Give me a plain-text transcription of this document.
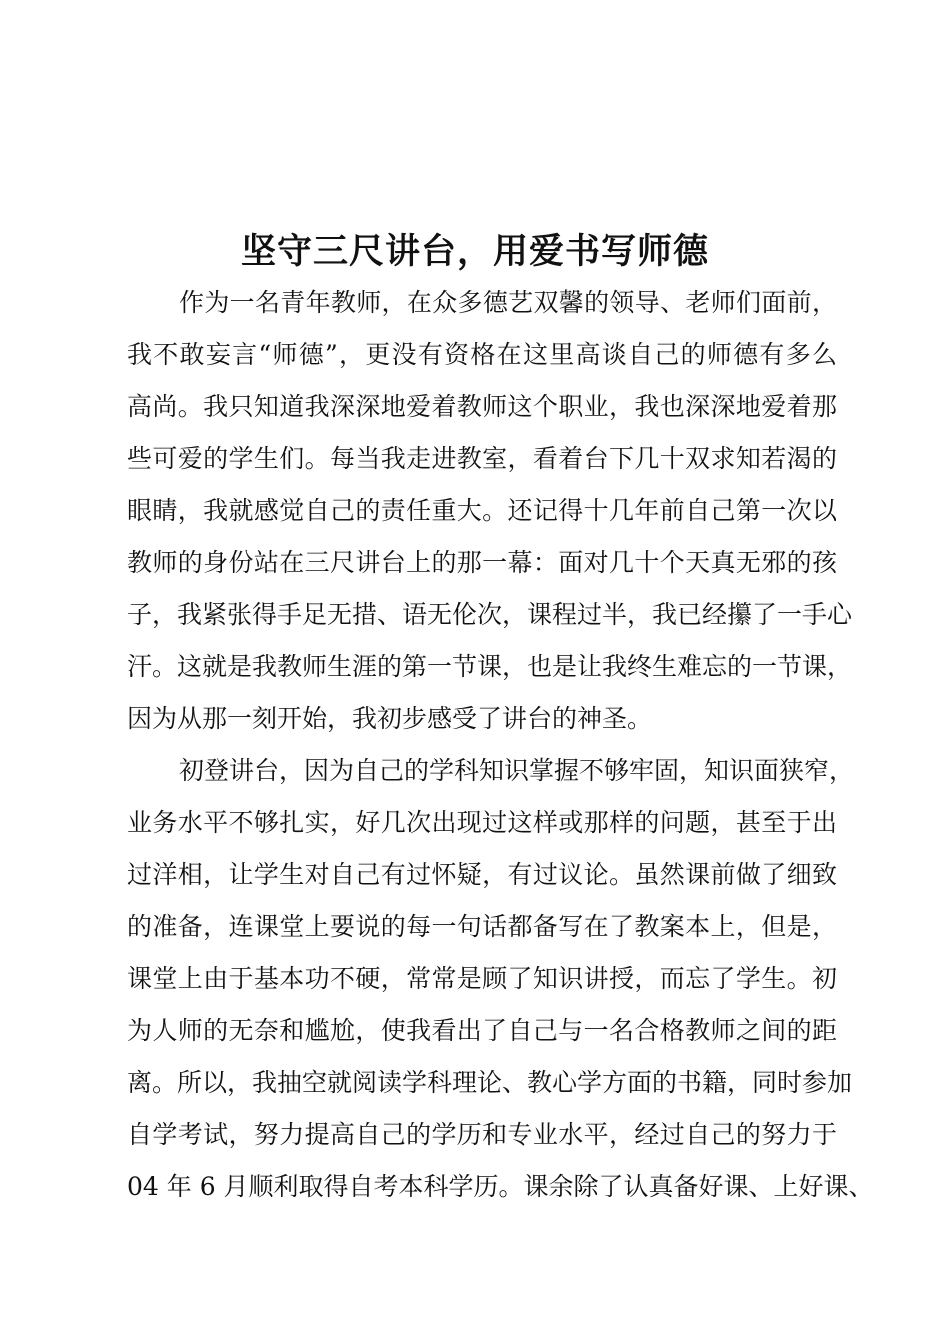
坚守三尺讲台，用爱书写师德
作为一名青年教师，在众多德艺双馨的领导、老师们面前，
我不敢妄言“师德”，更没有资格在这里高谈自己的师德有多么
高尚。我只知道我深深地爱着教师这个职业，我也深深地爱着那
些可爱的学生们。每当我走进教室，看着台下几十双求知若渴的
眼睛，我就感觉自己的责任重大。还记得十几年前自己第一次以
教师的身份站在三尺讲台上的那一幕：面对几十个天真无邪的孩
子，我紧张得手足无措、语无伦次，课程过半，我已经攥了一手心
汗。这就是我教师生涯的第一节课，也是让我终生难忘的一节课，
因为从那一刻开始，我初步感受了讲台的神圣。
初登讲台，因为自己的学科知识掌握不够牢固，知识面狭窄，
业务水平不够扎实，好几次出现过这样或那样的问题，甚至于出
过洋相，让学生对自己有过怀疑，有过议论。虽然课前做了细致
的准备，连课堂上要说的每一句话都备写在了教案本上，但是，
课堂上由于基本功不硬，常常是顾了知识讲授，而忘了学生。初
为人师的无奈和尴尬，使我看出了自己与一名合格教师之间的距
离。所以，我抽空就阅读学科理论、教心学方面的书籍，同时参加
自学考试，努力提高自己的学历和专业水平，经过自己的努力于
04 年 6 月顺利取得自考本科学历。课余除了认真备好课、上好课、
